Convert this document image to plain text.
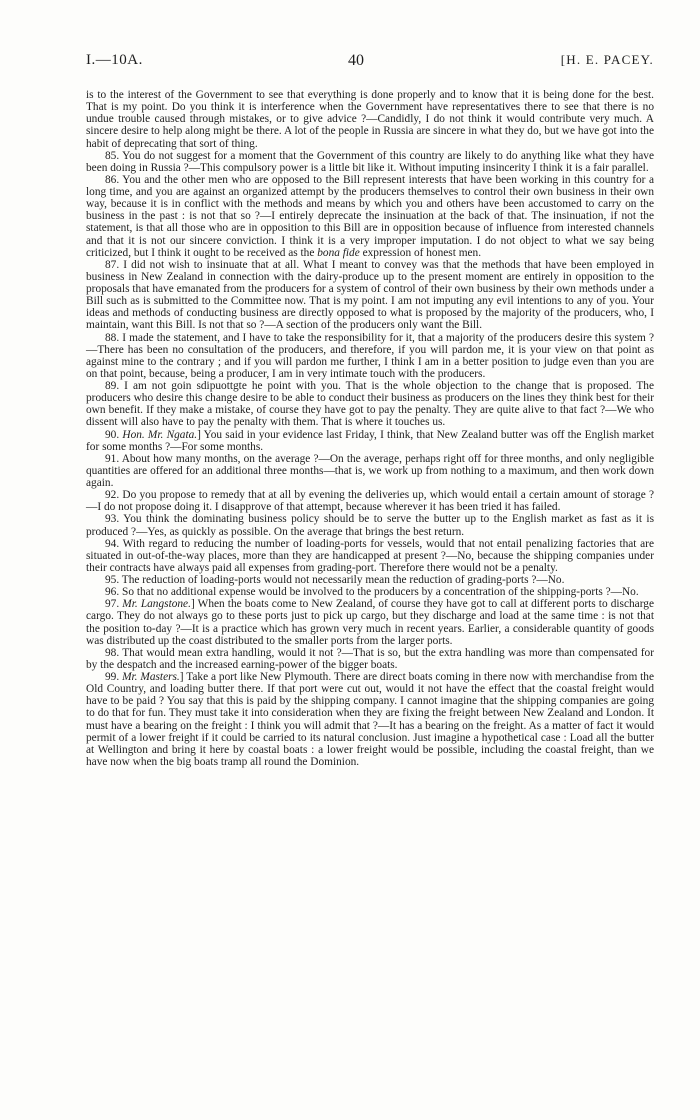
I.—10A.	40	[H. E. PACEY.

is to the interest of the Government to see that everything is done properly and to know that it is being done for the best. That is my point. Do you think it is interference when the Government have representatives there to see that there is no undue trouble caused through mistakes, or to give advice ?—Candidly, I do not think it would contribute very much. A sincere desire to help along might be there. A lot of the people in Russia are sincere in what they do, but we have got into the habit of deprecating that sort of thing.

85. You do not suggest for a moment that the Government of this country are likely to do anything like what they have been doing in Russia ?—This compulsory power is a little bit like it. Without imputing insincerity I think it is a fair parallel.

86. You and the other men who are opposed to the Bill represent interests that have been working in this country for a long time, and you are against an organized attempt by the producers themselves to control their own business in their own way, because it is in conflict with the methods and means by which you and others have been accustomed to carry on the business in the past : is not that so ?—I entirely deprecate the insinuation at the back of that. The insinuation, if not the statement, is that all those who are in opposition to this Bill are in opposition because of influence from interested channels and that it is not our sincere conviction. I think it is a very improper imputation. I do not object to what we say being criticized, but I think it ought to be received as the bona fide expression of honest men.

87. I did not wish to insinuate that at all. What I meant to convey was that the methods that have been employed in business in New Zealand in connection with the dairy-produce up to the present moment are entirely in opposition to the proposals that have emanated from the producers for a system of control of their own business by their own methods under a Bill such as is submitted to the Committee now. That is my point. I am not imputing any evil intentions to any of you. Your ideas and methods of conducting business are directly opposed to what is proposed by the majority of the producers, who, I maintain, want this Bill. Is not that so ?—A section of the producers only want the Bill.

88. I made the statement, and I have to take the responsibility for it, that a majority of the producers desire this system ?—There has been no consultation of the producers, and therefore, if you will pardon me, it is your view on that point as against mine to the contrary ; and if you will pardon me further, I think I am in a better position to judge even than you are on that point, because, being a producer, I am in very intimate touch with the producers.

89. I am not goin sdipuottgte he point with you. That is the whole objection to the change that is proposed. The producers who desire this change desire to be able to conduct their business as producers on the lines they think best for their own benefit. If they make a mistake, of course they have got to pay the penalty. They are quite alive to that fact ?—We who dissent will also have to pay the penalty with them. That is where it touches us.

90. Hon. Mr. Ngata.] You said in your evidence last Friday, I think, that New Zealand butter was off the English market for some months ?—For some months.

91. About how many months, on the average ?—On the average, perhaps right off for three months, and only negligible quantities are offered for an additional three months—that is, we work up from nothing to a maximum, and then work down again.

92. Do you propose to remedy that at all by evening the deliveries up, which would entail a certain amount of storage ?—I do not propose doing it. I disapprove of that attempt, because wherever it has been tried it has failed.

93. You think the dominating business policy should be to serve the butter up to the English market as fast as it is produced ?—Yes, as quickly as possible. On the average that brings the best return.

94. With regard to reducing the number of loading-ports for vessels, would that not entail penalizing factories that are situated in out-of-the-way places, more than they are handicapped at present ?—No, because the shipping companies under their contracts have always paid all expenses from grading-port. Therefore there would not be a penalty.

95. The reduction of loading-ports would not necessarily mean the reduction of grading-ports ?—No.

96. So that no additional expense would be involved to the producers by a concentration of the shipping-ports ?—No.

97. Mr. Langstone.] When the boats come to New Zealand, of course they have got to call at different ports to discharge cargo. They do not always go to these ports just to pick up cargo, but they discharge and load at the same time : is not that the position to-day ?—It is a practice which has grown very much in recent years. Earlier, a considerable quantity of goods was distributed up the coast distributed to the smaller ports from the larger ports.

98. That would mean extra handling, would it not ?—That is so, but the extra handling was more than compensated for by the despatch and the increased earning-power of the bigger boats.

99. Mr. Masters.] Take a port like New Plymouth. There are direct boats coming in there now with merchandise from the Old Country, and loading butter there. If that port were cut out, would it not have the effect that the coastal freight would have to be paid ? You say that this is paid by the shipping company. I cannot imagine that the shipping companies are going to do that for fun. They must take it into consideration when they are fixing the freight between New Zealand and London. It must have a bearing on the freight : I think you will admit that ?—It has a bearing on the freight. As a matter of fact it would permit of a lower freight if it could be carried to its natural conclusion. Just imagine a hypothetical case : Load all the butter at Wellington and bring it here by coastal boats : a lower freight would be possible, including the coastal freight, than we have now when the big boats tramp all round the Dominion.
